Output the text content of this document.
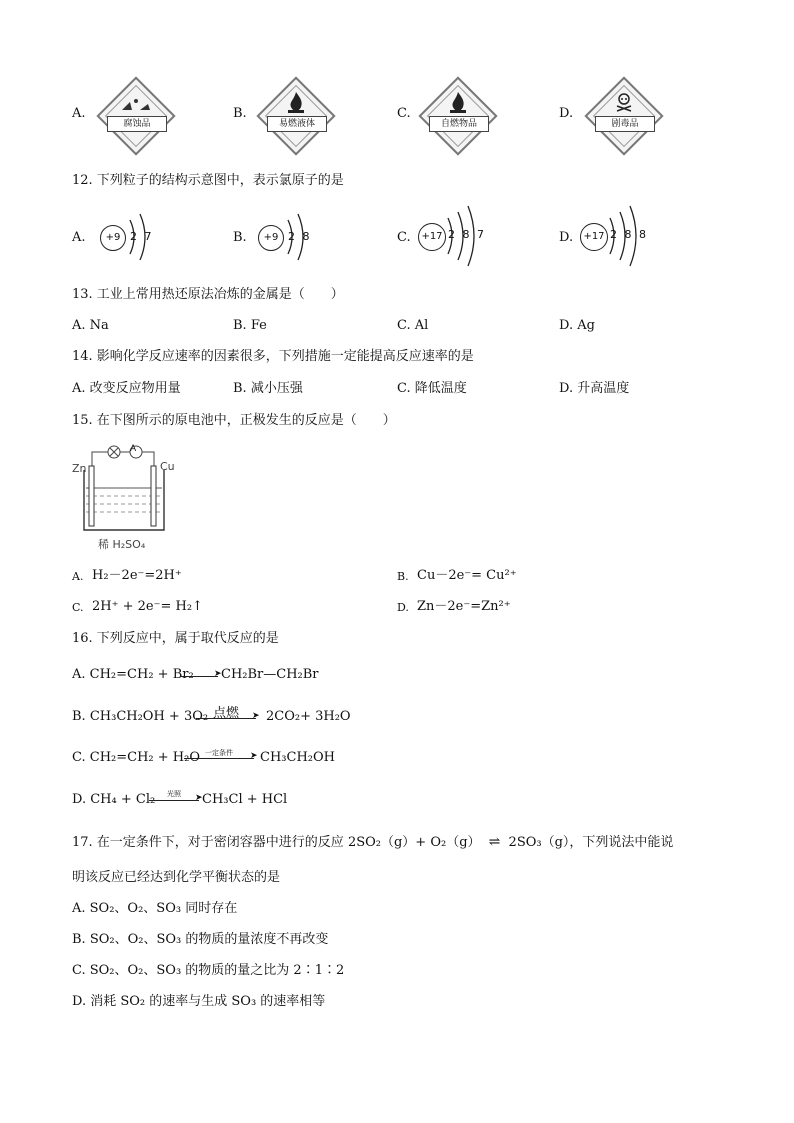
A.
腐蚀品
B.
易燃液体
C.
自燃物品
D.
剧毒品
12. 下列粒子的结构示意图中，表示氯原子的是
A.	+9 2 7	B.	+9 2 8	C.	+17 2 8 7	D.	+17 2 8 8
13. 工业上常用热还原法冶炼的金属是（　　）
A. Na	B. Fe	C. Al	D. Ag
14. 影响化学反应速率的因素很多，下列措施一定能提高反应速率的是
A. 改变反应物用量	B. 减小压强	C. 降低温度	D. 升高温度
15. 在下图所示的原电池中，正极发生的反应是（　　）
A
Zn	Cu
稀 H₂SO₄
A. H₂－2e⁻=2H⁺	B. Cu－2e⁻= Cu²⁺
C. 2H⁺ + 2e⁻= H₂↑	D. Zn－2e⁻=Zn²⁺
16. 下列反应中，属于取代反应的是
A. CH₂=CH₂ + Br₂ ➤ CH₂Br—CH₂Br
B. CH₃CH₂OH + 3O₂ 点燃	➤ 2CO₂+ 3H₂O
C. CH₂=CH₂ + H₂O 一定条件	➤ CH₃CH₂OH
D. CH₄ + Cl₂	光照	➤ CH₃Cl + HCl
17. 在一定条件下，对于密闭容器中进行的反应 2SO₂（g）+ O₂（g） ⇌ 2SO₃（g），下列说法中能说
明该反应已经达到化学平衡状态的是
A. SO₂、O₂、SO₃ 同时存在
B. SO₂、O₂、SO₃ 的物质的量浓度不再改变
C. SO₂、O₂、SO₃ 的物质的量之比为 2∶1∶2
D. 消耗 SO₂ 的速率与生成 SO₃ 的速率相等
